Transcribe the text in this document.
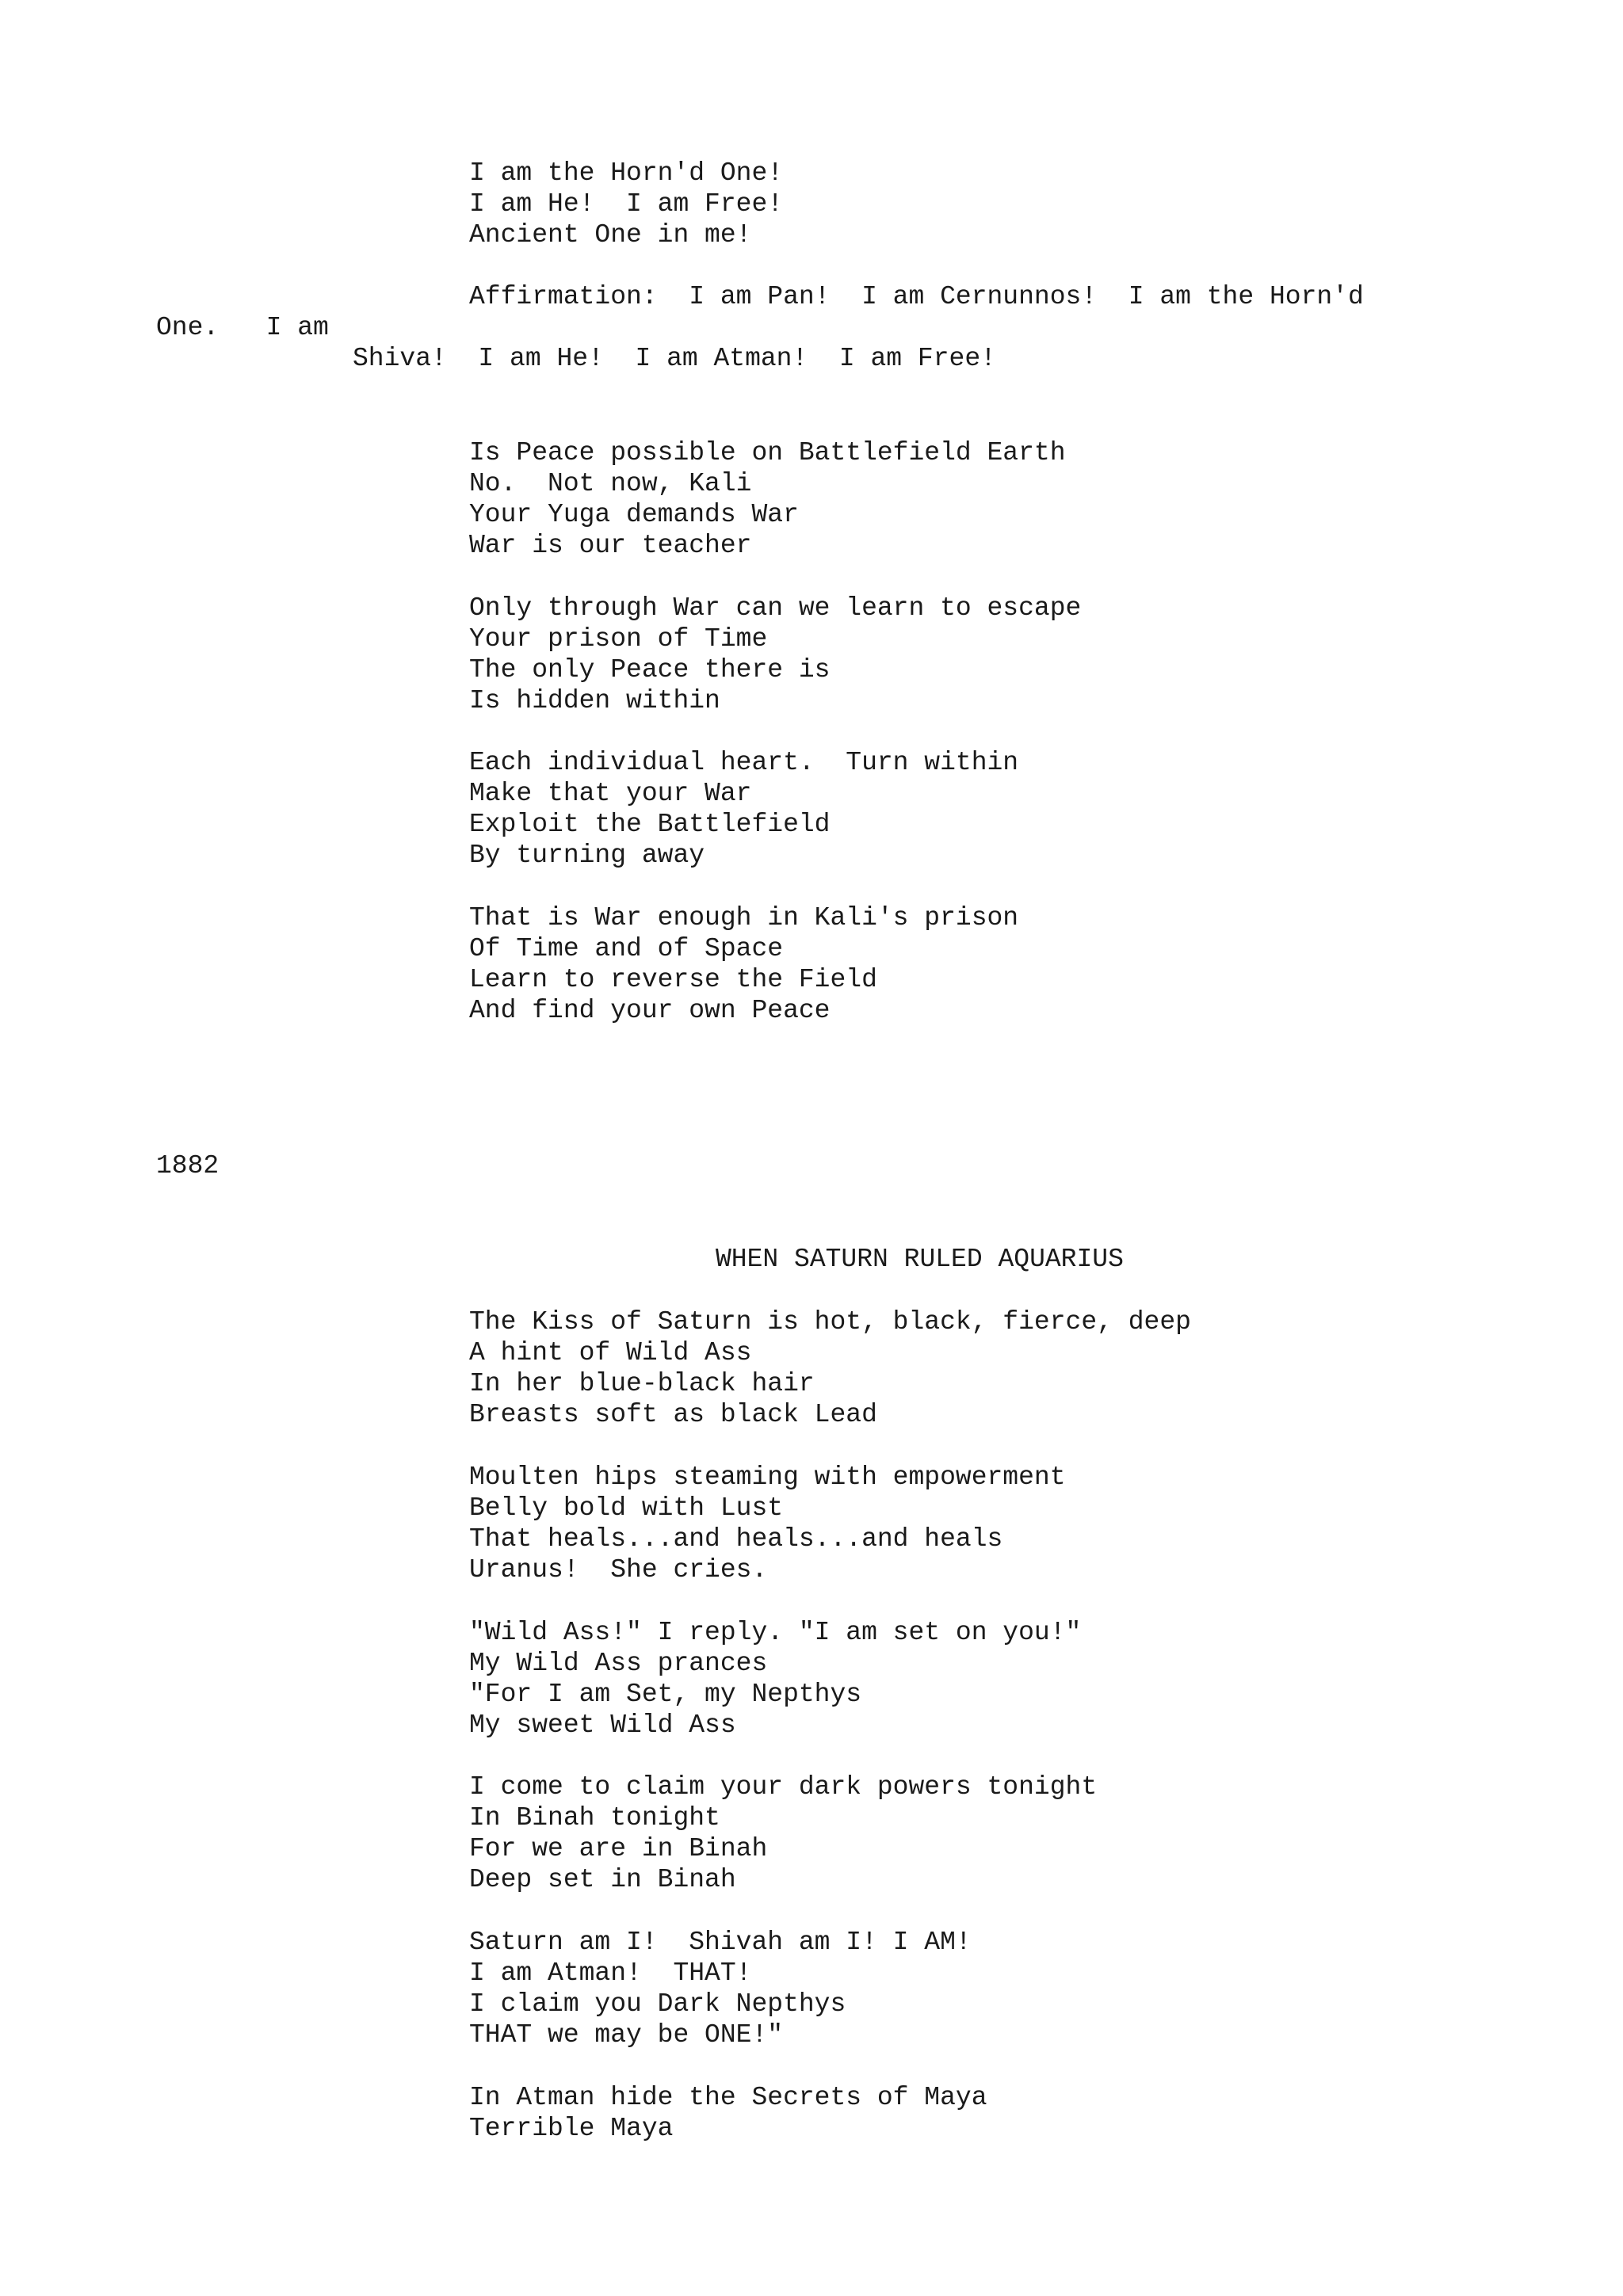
I am the Horn'd One!
I am He!  I am Free!
Ancient One in me!
Affirmation:  I am Pan!  I am Cernunnos!  I am the Horn'd
One.   I am
Shiva!  I am He!  I am Atman!  I am Free!
Is Peace possible on Battlefield Earth
No.  Not now, Kali
Your Yuga demands War
War is our teacher
Only through War can we learn to escape
Your prison of Time
The only Peace there is
Is hidden within
Each individual heart.  Turn within
Make that your War
Exploit the Battlefield
By turning away
That is War enough in Kali's prison
Of Time and of Space
Learn to reverse the Field
And find your own Peace
1882
WHEN SATURN RULED AQUARIUS
The Kiss of Saturn is hot, black, fierce, deep
A hint of Wild Ass
In her blue-black hair
Breasts soft as black Lead
Moulten hips steaming with empowerment
Belly bold with Lust
That heals...and heals...and heals
Uranus!  She cries.
"Wild Ass!" I reply. "I am set on you!"
My Wild Ass prances
"For I am Set, my Nepthys
My sweet Wild Ass
I come to claim your dark powers tonight
In Binah tonight
For we are in Binah
Deep set in Binah
Saturn am I!  Shivah am I! I AM!
I am Atman!  THAT!
I claim you Dark Nepthys
THAT we may be ONE!"
In Atman hide the Secrets of Maya
Terrible Maya
